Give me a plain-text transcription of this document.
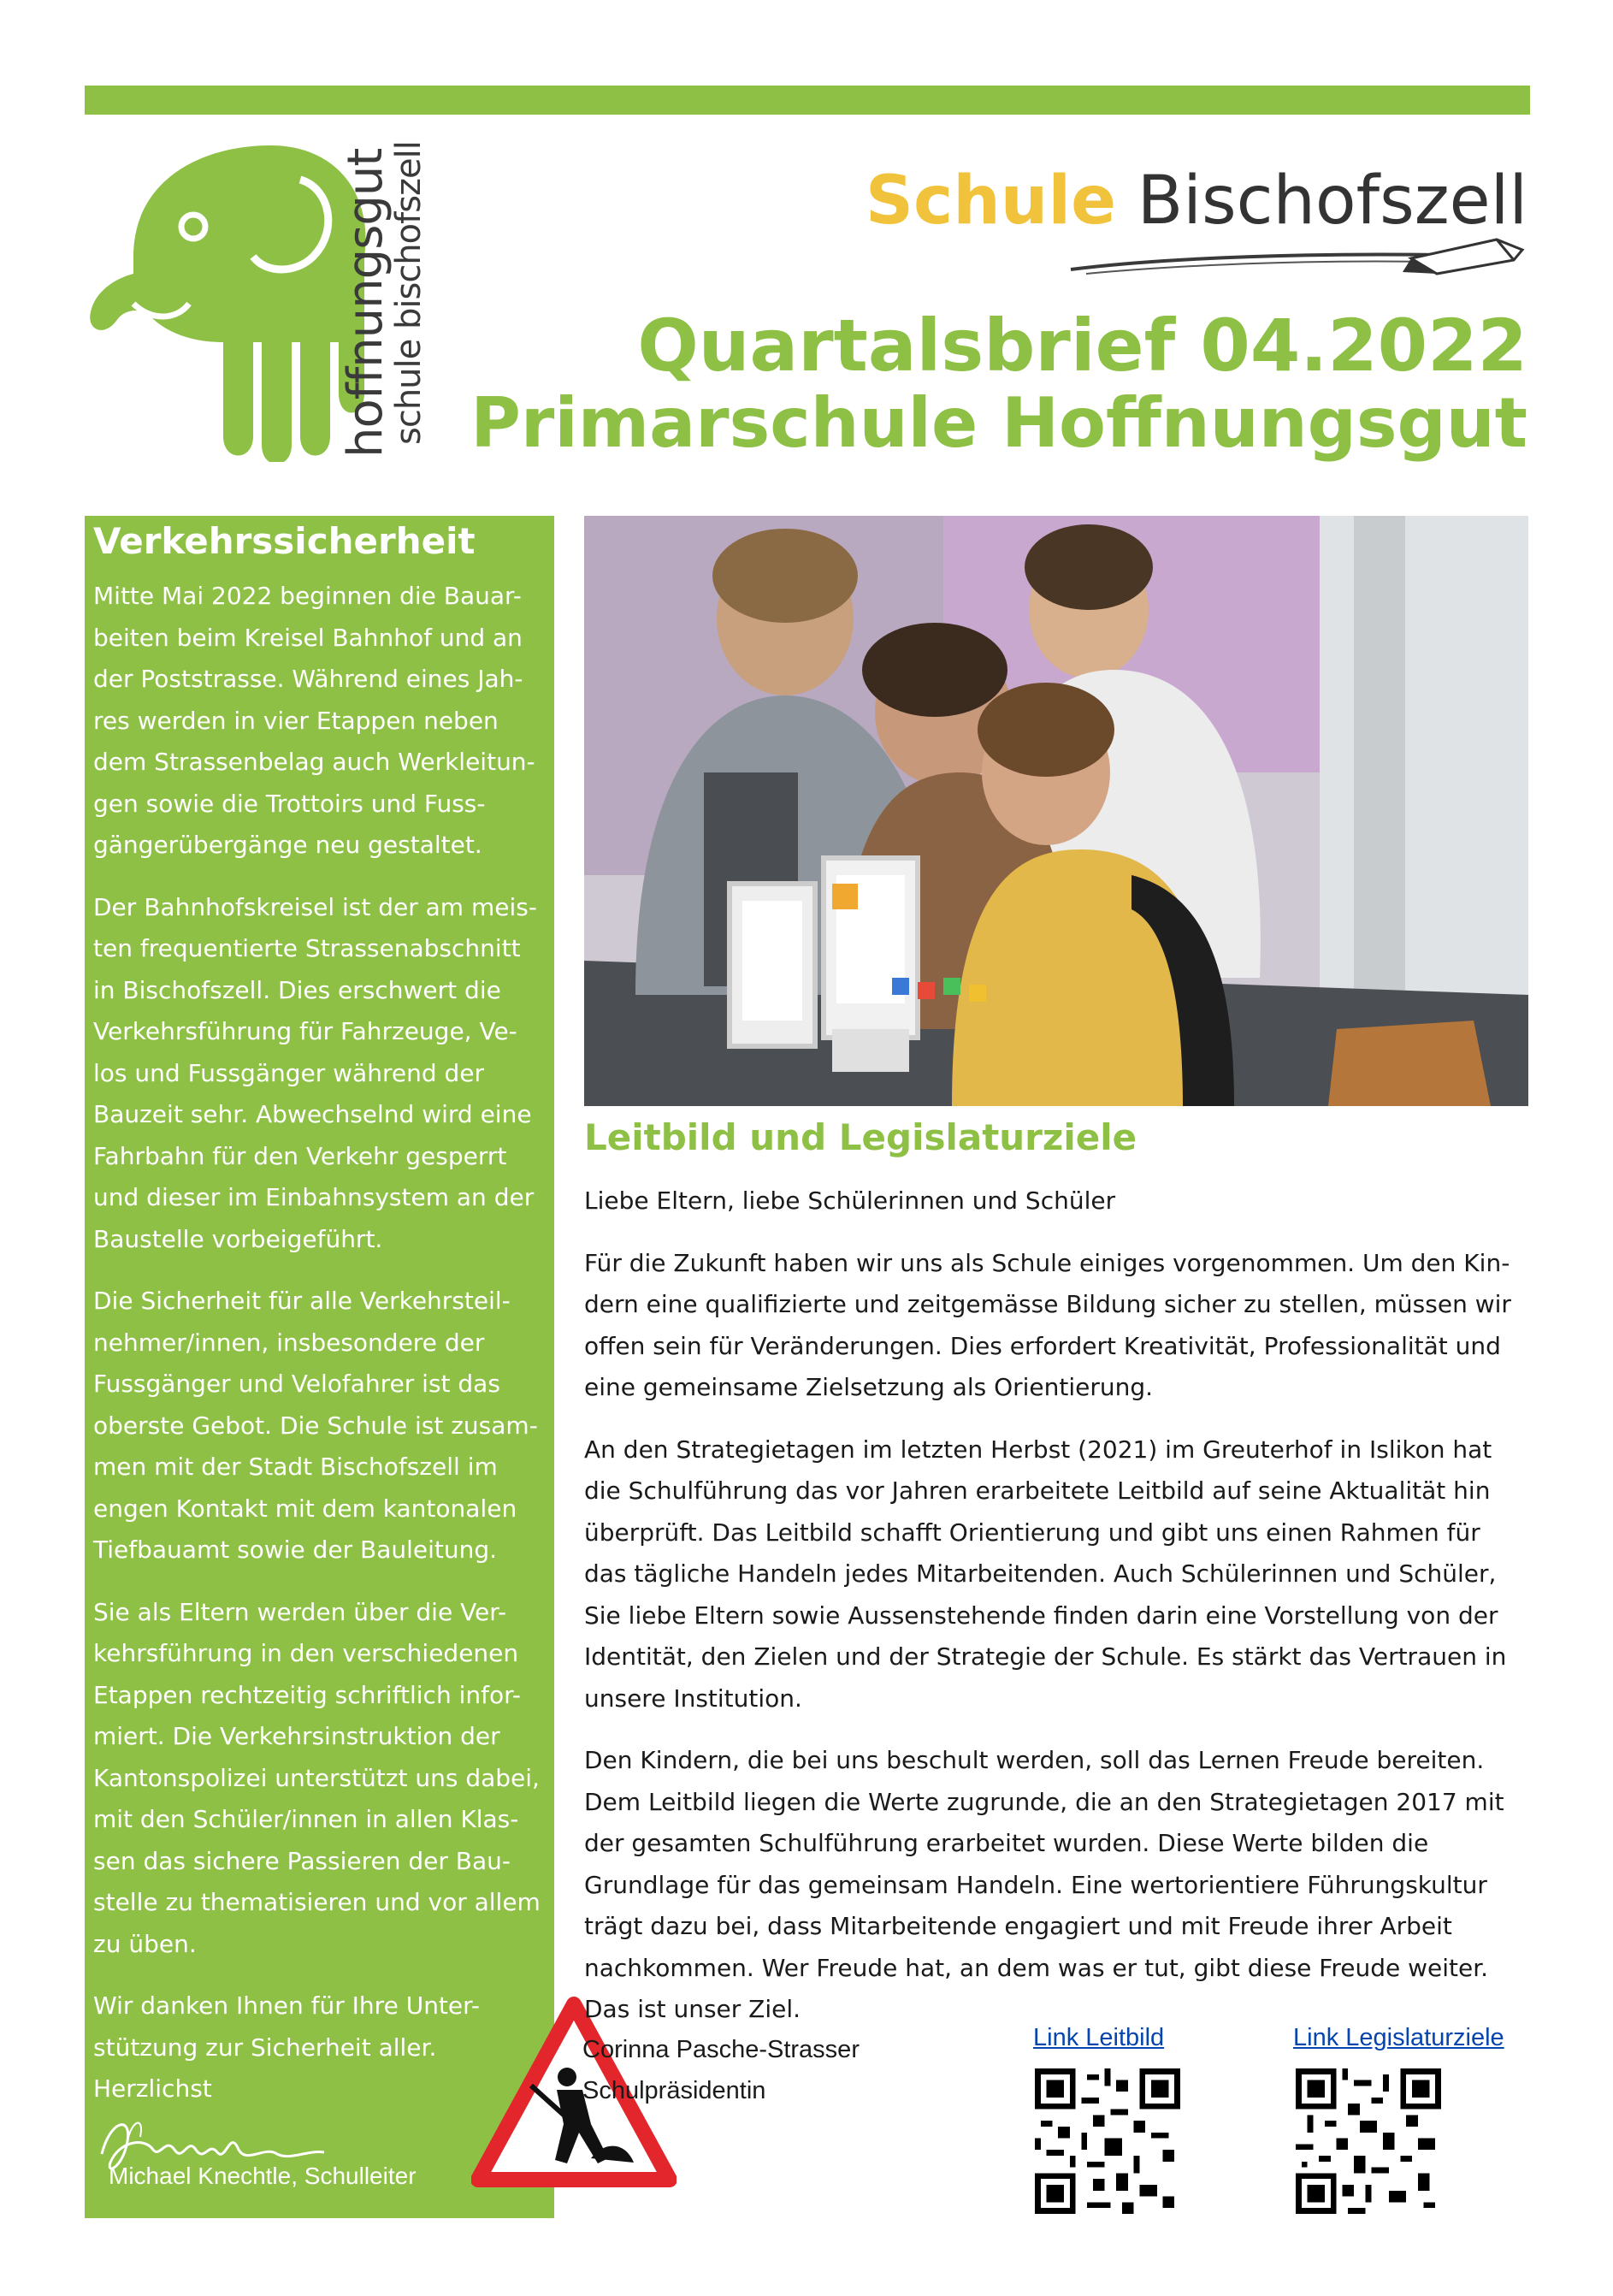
hoffnungsgut

schule bischofszell	Schule Bischofszell
Quartalsbrief 04.2022
Primarschule Hoffnungsgut
Verkehrssicherheit

Mitte Mai 2022 beginnen die Bauar-beiten beim Kreisel Bahnhof und an der Poststrasse. Während eines Jah-res werden in vier Etappen neben dem Strassenbelag auch Werkleitun-gen sowie die Trottoirs und Fuss-gängerübergänge neu gestaltet.

Der Bahnhofskreisel ist der am meis-ten frequentierte Strassenabschnitt in Bischofszell. Dies erschwert die Verkehrsführung für Fahrzeuge, Ve-los und Fussgänger während der Bauzeit sehr. Abwechselnd wird eine Fahrbahn für den Verkehr gesperrt und dieser im Einbahnsystem an der Baustelle vorbeigeführt.

Die Sicherheit für alle Verkehrsteil-nehmer/innen, insbesondere der Fussgänger und Velofahrer ist das oberste Gebot. Die Schule ist zusam-men mit der Stadt Bischofszell im engen Kontakt mit dem kantonalen Tiefbauamt sowie der Bauleitung.

Sie als Eltern werden über die Ver-kehrsführung in den verschiedenen Etappen rechtzeitig schriftlich infor-miert. Die Verkehrsinstruktion der Kantonspolizei unterstützt uns dabei, mit den Schüler/innen in allen Klas-sen das sichere Passieren der Bau-stelle zu thematisieren und vor allem zu üben.

Wir danken Ihnen für Ihre Unter-stützung zur Sicherheit aller.

Herzlichst

Michael Knechtle, Schulleiter
Leitbild und Legislaturziele

Liebe Eltern, liebe Schülerinnen und Schüler

Für die Zukunft haben wir uns als Schule einiges vorgenommen. Um den Kin-dern eine qualifizierte und zeitgemässe Bildung sicher zu stellen, müssen wir offen sein für Veränderungen. Dies erfordert Kreativität, Professionalität und eine gemeinsame Zielsetzung als Orientierung.

An den Strategietagen im letzten Herbst (2021) im Greuterhof in Islikon hat die Schulführung das vor Jahren erarbeitete Leitbild auf seine Aktualität hin überprüft. Das Leitbild schafft Orientierung und gibt uns einen Rahmen für das tägliche Handeln jedes Mitarbeitenden. Auch Schülerinnen und Schüler, Sie liebe Eltern sowie Aussenstehende finden darin eine Vorstellung von der Identität, den Zielen und der Strategie der Schule. Es stärkt das Vertrauen in unsere Institution.

Den Kindern, die bei uns beschult werden, soll das Lernen Freude bereiten. Dem Leitbild liegen die Werte zugrunde, die an den Strategietagen 2017 mit der gesamten Schulführung erarbeitet wurden. Diese Werte bilden die Grundlage für das gemeinsam Handeln. Eine wertorientiere Führungskultur trägt dazu bei, dass Mitarbeitende engagiert und mit Freude ihrer Arbeit nachkommen. Wer Freude hat, an dem was er tut, gibt diese Freude weiter. Das ist unser Ziel.

Corinna Pasche-Strasser
Schulpräsidentin
Link Leitbild	Link Legislaturziele
